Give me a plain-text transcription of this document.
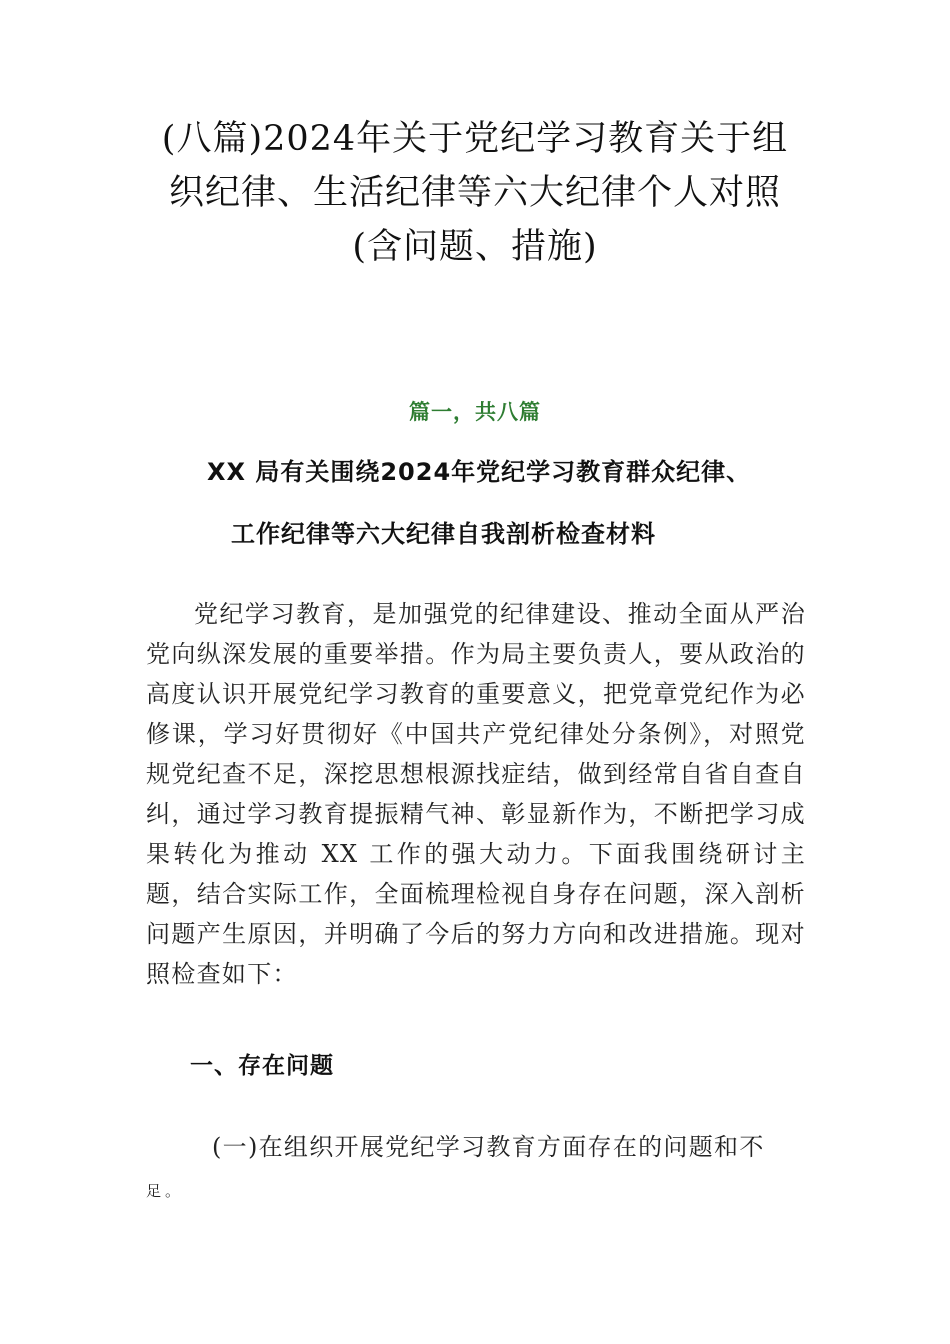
(八篇)2024年关于党纪学习教育关于组
织纪律、生活纪律等六大纪律个人对照
(含问题、措施)
篇一，共八篇
XX 局有关围绕2024年党纪学习教育群众纪律、
工作纪律等六大纪律自我剖析检查材料
党纪学习教育，是加强党的纪律建设、推动全面从严治党向纵深发展的重要举措。作为局主要负责人，要从政治的高度认识开展党纪学习教育的重要意义，把党章党纪作为必修课，学习好贯彻好《中国共产党纪律处分条例》，对照党规党纪查不足，深挖思想根源找症结，做到经常自省自查自纠，通过学习教育提振精气神、彰显新作为，不断把学习成果转化为推动 XX 工作的强大动力。下面我围绕研讨主题，结合实际工作，全面梳理检视自身存在问题，深入剖析问题产生原因，并明确了今后的努力方向和改进措施。现对照检查如下：
一、存在问题
(一)在组织开展党纪学习教育方面存在的问题和不
足。
